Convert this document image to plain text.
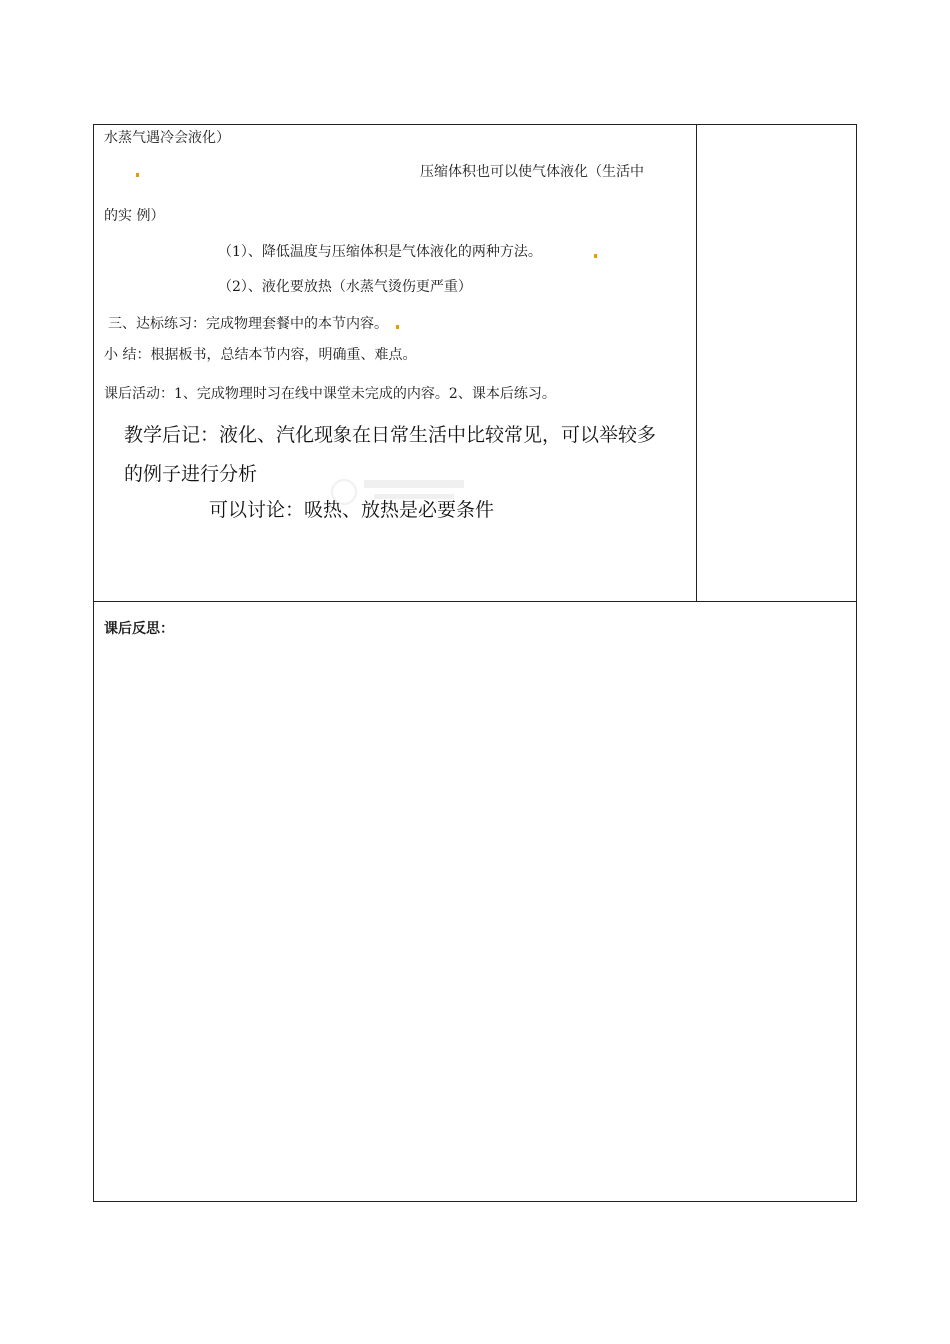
水蒸气遇冷会液化）
压缩体积也可以使气体液化（生活中
的实 例）
（1）、降低温度与压缩体积是气体液化的两种方法。
（2）、液化要放热（水蒸气烫伤更严重）
三、达标练习：完成物理套餐中的本节内容。
小 结：根据板书，总结本节内容，明确重、难点。
课后活动：1、完成物理时习在线中课堂未完成的内容。2、课本后练习。
教学后记：液化、汽化现象在日常生活中比较常见，可以举较多
的例子进行分析
可以讨论：吸热、放热是必要条件
课后反思：
